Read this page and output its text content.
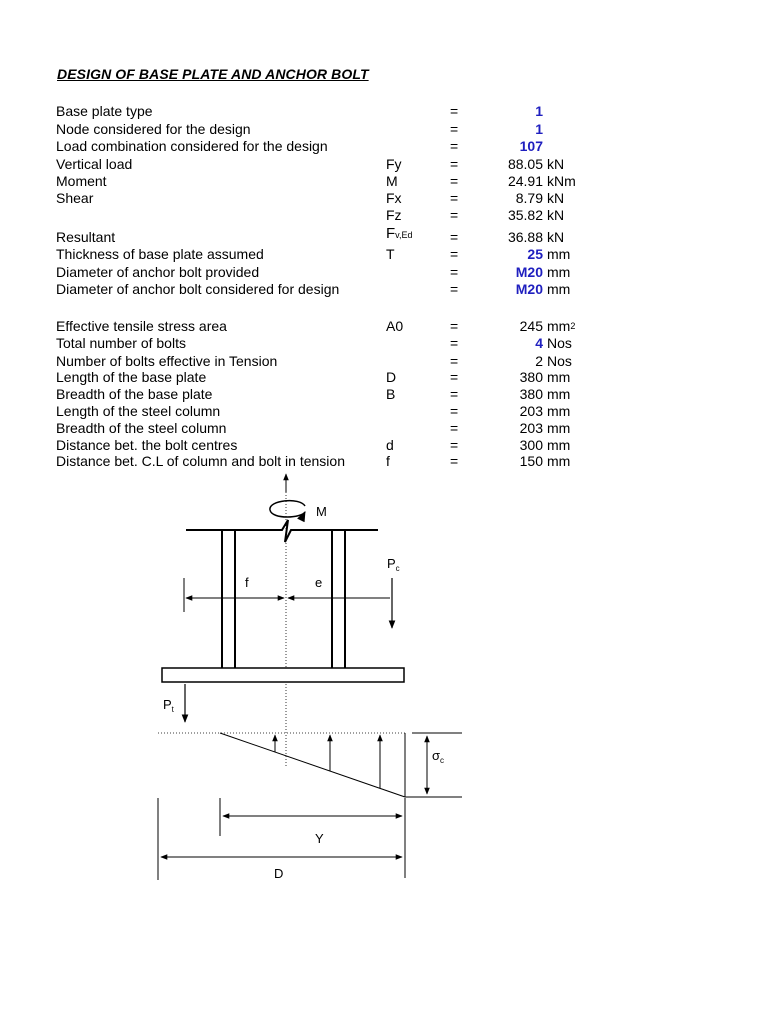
DESIGN OF BASE PLATE AND ANCHOR BOLT
Base plate type	=	1
Node considered for the design	=	1
Load combination considered for the design	=	107
Vertical load	Fy	=	88.05 kN
Moment	M	=	24.91 kNm
Shear	Fx	=	8.79 kN
Fz	=	35.82 kN
Resultant	Fv,Ed	=	36.88 kN
Thickness of base plate assumed	T	=	25 mm
Diameter of anchor bolt provided	=	M20 mm
Diameter of anchor bolt considered for design	=	M20 mm
Effective tensile stress area	A0	=	245 mm 2
Total number of bolts	=	4 Nos
Number of bolts effective in Tension	=	2 Nos
Length of the base plate	D	=	380 mm
Breadth of the base plate	B	=	380 mm
Length of the steel column	=	203 mm
Breadth of the steel column	=	203 mm
Distance bet. the bolt centres	d	=	300 mm
Distance bet. C.L of column and bolt in tension	f	=	150 mm
M
f	e
$P_c$
$P_t$
$\sigma_c$
Y
D
